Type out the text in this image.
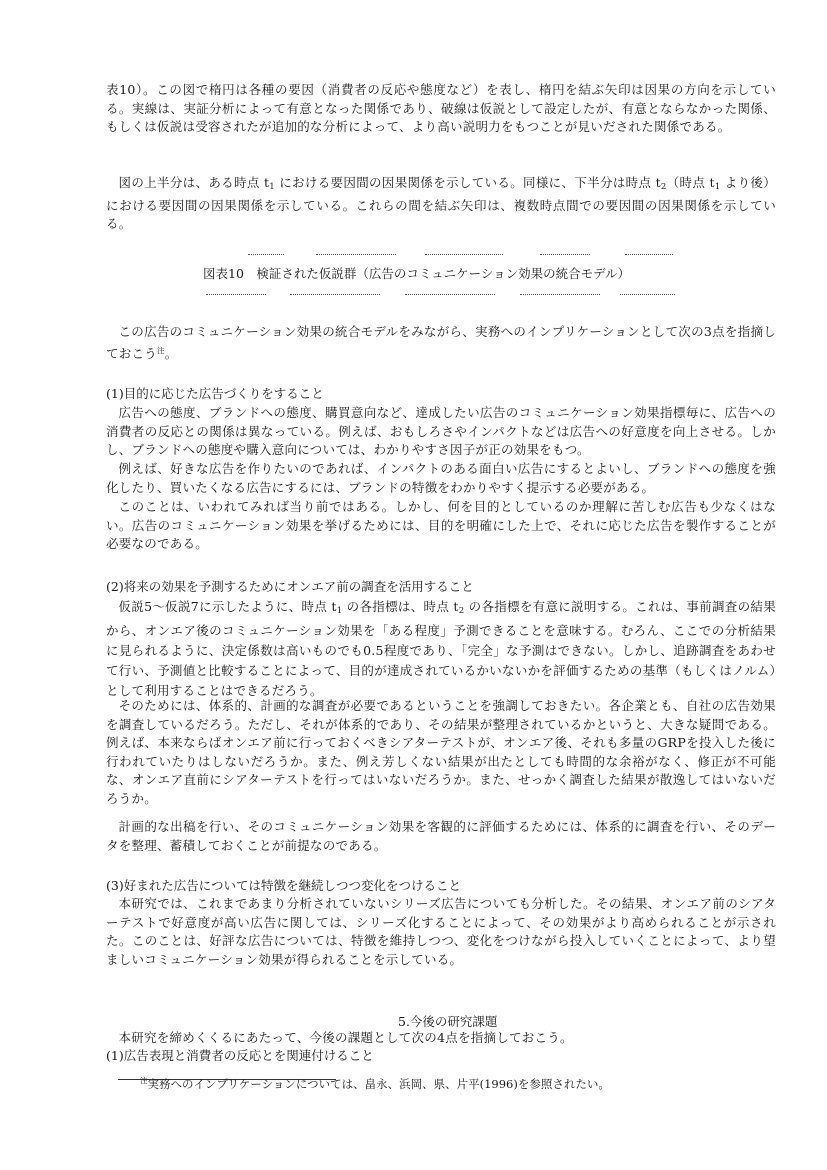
表10）。この図で楕円は各種の要因（消費者の反応や態度など）を表し、楕円を結ぶ矢印は因果の方向を示している。実線は、実証分析によって有意となった関係であり、破線は仮説として設定したが、有意とならなかった関係、もしくは仮説は受容されたが追加的な分析によって、より高い説明力をもつことが見いだされた関係である。

図の上半分は、ある時点 $t_1$ における要因間の因果関係を示している。同様に、下半分は時点 $t_2$（時点 $t_1$ より後）における要因間の因果関係を示している。これらの間を結ぶ矢印は、複数時点間での要因間の因果関係を示している。

図表10　検証された仮説群（広告のコミュニケーション効果の統合モデル）

この広告のコミュニケーション効果の統合モデルをみながら、実務へのインプリケーションとして次の3点を指摘しておこう$^注$。

(1)目的に応じた広告づくりをすること

広告への態度、ブランドへの態度、購買意向など、達成したい広告のコミュニケーション効果指標毎に、広告への消費者の反応との関係は異なっている。例えば、おもしろさやインパクトなどは広告への好意度を向上させる。しかし、ブランドへの態度や購入意向については、わかりやすさ因子が正の効果をもつ。

例えば、好きな広告を作りたいのであれば、インパクトのある面白い広告にするとよいし、ブランドへの態度を強化したり、買いたくなる広告にするには、ブランドの特徴をわかりやすく提示する必要がある。

このことは、いわれてみれば当り前ではある。しかし、何を目的としているのか理解に苦しむ広告も少なくはない。広告のコミュニケーション効果を挙げるためには、目的を明確にした上で、それに応じた広告を製作することが必要なのである。

(2)将来の効果を予測するためにオンエア前の調査を活用すること

仮説5〜仮説7に示したように、時点 $t_1$ の各指標は、時点 $t_2$ の各指標を有意に説明する。これは、事前調査の結果から、オンエア後のコミュニケーション効果を「ある程度」予測できることを意味する。むろん、ここでの分析結果に見られるように、決定係数は高いものでも0.5程度であり、「完全」な予測はできない。しかし、追跡調査をあわせて行い、予測値と比較することによって、目的が達成されているかいないかを評価するための基準（もしくはノルム）として利用することはできるだろう。

そのためには、体系的、計画的な調査が必要であるということを強調しておきたい。各企業とも、自社の広告効果を調査しているだろう。ただし、それが体系的であり、その結果が整理されているかというと、大きな疑問である。例えば、本来ならばオンエア前に行っておくべきシアターテストが、オンエア後、それも多量のGRPを投入した後に行われていたりはしないだろうか。また、例え芳しくない結果が出たとしても時間的な余裕がなく、修正が不可能な、オンエア直前にシアターテストを行ってはいないだろうか。また、せっかく調査した結果が散逸してはいないだろうか。

計画的な出稿を行い、そのコミュニケーション効果を客観的に評価するためには、体系的に調査を行い、そのデータを整理、蓄積しておくことが前提なのである。

(3)好まれた広告については特徴を継続しつつ変化をつけること

本研究では、これまであまり分析されていないシリーズ広告についても分析した。その結果、オンエア前のシアターテストで好意度が高い広告に関しては、シリーズ化することによって、その効果がより高められることが示された。このことは、好評な広告については、特徴を維持しつつ、変化をつけながら投入していくことによって、より望ましいコミュニケーション効果が得られることを示している。

5.今後の研究課題

本研究を締めくくるにあたって、今後の課題として次の4点を指摘しておこう。

(1)広告表現と消費者の反応とを関連付けること

$^注$実務へのインプリケーションについては、畠永、浜岡、県、片平(1996)を参照されたい。
